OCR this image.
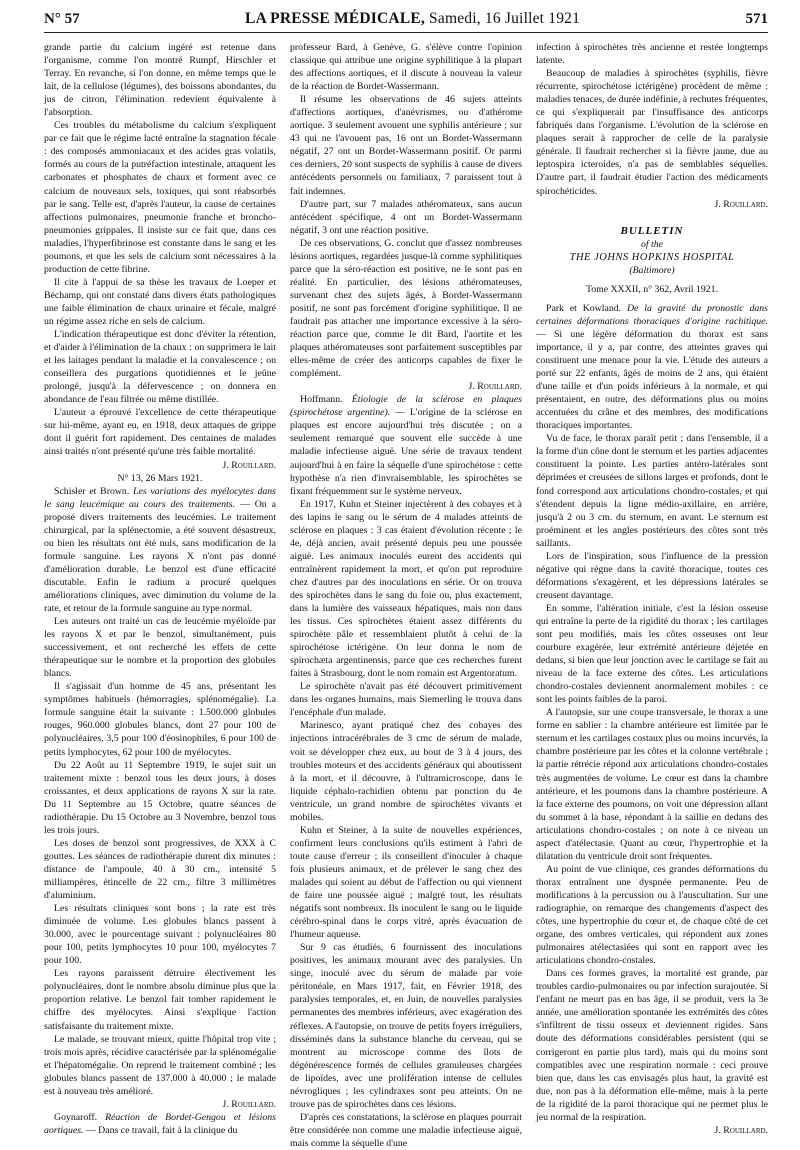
N° 57	LA PRESSE MÉDICALE, Samedi, 16 Juillet 1921	571

grande partie du calcium ingéré est retenue dans l'organisme, comme l'on montré Rumpf, Hirschler et Terray. En revanche, si l'on donne, en même temps que le lait, de la cellulose (légumes), des boissons abondantes, du jus de citron, l'élimination redevient équivalente à l'absorption.

Ces troubles du métabolisme du calcium s'expliquent par ce fait que le régime lacté entraîne la stagnation fécale : des composés ammoniacaux et des acides gras volatils, formés au cours de la putréfaction intestinale, attaquent les carbonates et phosphates de chaux et forment avec ce calcium de nouveaux sels, toxiques, qui sont réabsorbés par le sang. Telle est, d'après l'auteur, la cause de certaines affections pulmonaires, pneumonie franche et broncho-pneumonies grippales. Il insiste sur ce fait que, dans ces maladies, l'hyperfibrinose est constante dans le sang et les poumons, et que les sels de calcium sont nécessaires à la production de cette fibrine.

Il cite à l'appui de sa thèse les travaux de Loeper et Béchamp, qui ont constaté dans divers états pathologiques une faible élimination de chaux urinaire et fécale, malgré un régime assez riche en sels de calcium.

L'indication thérapeutique est donc d'éviter la rétention, et d'aider à l'élimination de la chaux : on supprimera le lait et les laitages pendant la maladie et la convalescence ; on conseillera des purgations quotidiennes et le jeûne prolongé, jusqu'à la défervescence ; on donnera en abondance de l'eau filtrée ou même distillée.

L'auteur a éprouvé l'excellence de cette thérapeutique sur lui-même, ayant eu, en 1918, deux attaques de grippe dont il guérit fort rapidement. Des centaines de malades ainsi traités n'ont présenté qu'une très faible mortalité.

J. Rouillard.

N° 13, 26 Mars 1921.

Schisler et Brown. Les variations des myélocytes dans le sang leucémique au cours des traitements. — On a proposé divers traitements des leucémies. Le traitement chirurgical, par la splénectomie, a été souvent désastreux, ou bien les résultats ont été nuls, sans modification de la formule sanguine. Les rayons X n'ont pas donné d'amélioration durable. Le benzol est d'une efficacité discutable. Enfin le radium a procuré quelques améliorations cliniques, avec diminution du volume de la rate, et retour de la formule sanguine au type normal.

Les auteurs ont traité un cas de leucémie myéloïde par les rayons X et par le benzol, simultanément, puis successivement, et ont recherché les effets de cette thérapeutique sur le nombre et la proportion des globules blancs.

Il s'agissait d'un homme de 45 ans, présentant les symptômes habituels (hémorragies, splénomégalie). La formule sanguine était la suivante : 1.500.000 globules rouges, 960.000 globules blancs, dont 27 pour 100 de polynucléaires, 3,5 pour 100 d'éosinophiles, 6 pour 100 de petits lymphocytes, 62 pour 100 de myélocytes.

Du 22 Août au 11 Septembre 1919, le sujet suit un traitement mixte : benzol tous les deux jours, à doses croissantes, et deux applications de rayons X sur la rate. Du 11 Septembre au 15 Octobre, quatre séances de radiothérapie. Du 15 Octobre au 3 Novembre, benzol tous les trois jours.

Les doses de benzol sont progressives, de XXX à C gouttes. Les séances de radiothérapie durent dix minutes : distance de l'ampoule, 40 à 30 cm., intensité 5 milliampères, étincelle de 22 cm., filtre 3 millimètres d'aluminium.

Les résultats cliniques sont bons ; la rate est très diminuée de volume. Les globules blancs passent à 30.000, avec le pourcentage suivant : polynucléaires 80 pour 100, petits lymphocytes 10 pour 100, myélocytes 7 pour 100.

Les rayons paraissent détruire électivement les polynucléaires, dont le nombre absolu diminue plus que la proportion relative. Le benzol fait tomber rapidement le chiffre des myélocytes. Ainsi s'explique l'action satisfaisante du traitement mixte.

Le malade, se trouvant mieux, quitte l'hôpital trop vite ; trois mois après, récidive caractérisée par la splénomégalie et l'hépatomégalie. On reprend le traitement combiné ; les globules blancs passent de 137.000 à 40.000 ; le malade est à nouveau très amélioré.

J. Rouillard.

Goynaroff. Réaction de Bordet-Gengou et lésions aortiques. — Dans ce travail, fait à la clinique du

professeur Bard, à Genève, G. s'élève contre l'opinion classique qui attribue une origine syphilitique à la plupart des affections aortiques, et il discute à nouveau la valeur de la réaction de Bordet-Wassermann.

Il résume les observations de 46 sujets atteints d'affections aortiques, d'anévrismes, ou d'athérome aortique. 3 seulement avouent une syphilis antérieure ; sur 43 qui ne l'avouent pas, 16 ont un Bordet-Wassermann négatif, 27 ont un Bordet-Wassermann positif. Or parmi ces derniers, 20 sont suspects de syphilis à cause de divers antécédents personnels ou familiaux, 7 paraissent tout à fait indemnes.

D'autre part, sur 7 malades athéromateux, sans aucun antécédent spécifique, 4 ont un Bordet-Wassermann négatif, 3 ont une réaction positive.

De ces observations, G. conclut que d'assez nombreuses lésions aortiques, regardées jusque-là comme syphilitiques parce que la séro-réaction est positive, ne le sont pas en réalité. En particulier, des lésions athéromateuses, survenant chez des sujets âgés, à Bordet-Wassermann positif, ne sont pas forcément d'origine syphilitique. Il ne faudrait pas attacher une importance excessive à la séro-réaction parce que, comme le dit Bard, l'aortite et les plaques athéromateuses sont parfaitement susceptibles par elles-même de créer des anticorps capables de fixer le complément.

J. Rouillard.

Hoffmann. Étiologie de la sclérose en plaques (spirochétose argentine). — L'origine de la sclérose en plaques est encore aujourd'hui très discutée ; on a seulement remarqué que souvent elle succède à une maladie infectieuse aiguë. Une série de travaux tendent aujourd'hui à en faire la séquelle d'une spirochétose : cette hypothèse n'a rien d'invraisemblable, les spirochètes se fixant fréquemment sur le système nerveux.

En 1917, Kuhn et Steiner injectèrent à des cobayes et à des lapins le sang ou le sérum de 4 malades atteints de sclérose en plaques : 3 cas étaient d'évolution récente ; le 4e, déjà ancien, avait présenté depuis peu une poussée aiguë. Les animaux inoculés eurent des accidents qui entraînèrent rapidement la mort, et qu'on put reproduire chez d'autres par des inoculations en série. Or on trouva des spirochètes dans le sang du foie ou, plus exactement, dans la lumière des vaisseaux hépatiques, mais non dans les tissus. Ces spirochètes étaient assez différents du spirochète pâle et ressemblaient plutôt à celui de la spirochétose ictérigène. On leur donna le nom de spirochæta argentinensis, parce que ces recherches furent faites à Strasbourg, dont le nom romain est Argentoratum.

Le spirochète n'avait pas été découvert primitivement dans les organes humains, mais Siemerling le trouva dans l'encéphale d'un malade.

Marinesco, ayant pratiqué chez des cobayes des injections intracérébrales de 3 cmc de sérum de malade, voit se développer chez eux, au bout de 3 à 4 jours, des troubles moteurs et des accidents généraux qui aboutissent à la mort, et il découvre, à l'ultramicroscope, dans le liquide céphalo-rachidien obtenu par ponction du 4e ventricule, un grand nombre de spirochètes vivants et mobiles.

Kuhn et Steiner, à la suite de nouvelles expériences, confirment leurs conclusions qu'ils estiment à l'abri de toute cause d'erreur ; ils conseillent d'inoculer à chaque fois plusieurs animaux, et de prélever le sang chez des malades qui soient au début de l'affection ou qui viennent de faire une poussée aiguë ; malgré tout, les résultats négatifs sont nombreux. Ils inoculent le sang ou le liquide cérébro-spinal dans le corps vitré, après évacuation de l'humeur aqueuse.

Sur 9 cas étudiés, 6 fournissent des inoculations positives, les animaux mourant avec des paralysies. Un singe, inoculé avec du sérum de malade par voie péritonéale, en Mars 1917, fait, en Février 1918, des paralysies temporales, et, en Juin, de nouvelles paralysies permanentes des membres inférieurs, avec exagération des réflexes. A l'autopsie, on trouve de petits foyers irréguliers, disséminés dans la substance blanche du cerveau, qui se montrent au microscope comme des îlots de dégénérescence formés de cellules granuleuses chargées de lipoïdes, avec une prolifération intense de cellules névrogliques ; les cylindraxes sont peu atteints. On ne trouve pas de spirochètes dans ces lésions.

D'après ces constatations, la sclérose en plaques pourrait être considérée non comme une maladie infectieuse aiguë, mais comme la séquelle d'une

infection à spirochètes très ancienne et restée longtemps latente.

Beaucoup de maladies à spirochètes (syphilis, fièvre récurrente, spirochétose ictérigène) procèdent de même : maladies tenaces, de durée indéfinie, à rechutes fréquentes, ce qui s'expliquerait par l'insuffisance des anticorps fabriqués dans l'organisme. L'évolution de la sclérose en plaques serait à rapprocher de celle de la paralysie générale. Il faudrait rechercher si la fièvre jaune, due au leptospira icteroides, n'a pas de semblables séquelles. D'autre part, il faudrait étudier l'action des médicaments spirochéticides.

J. Rouillard.

BULLETIN
of the
THE JOHNS HOPKINS HOSPITAL
(Baltimore)
Tome XXXII, n° 362, Avril 1921.

Park et Kowland. De la gravité du pronostic dans certaines déformations thoraciques d'origine rachitique. — Si une légère déformation du thorax est sans importance, il y a, par contre, des atteintes graves qui constituent une menace pour la vie. L'étude des auteurs a porté sur 22 enfants, âgés de moins de 2 ans, qui étaient d'une taille et d'un poids inférieurs à la normale, et qui présentaient, en outre, des déformations plus ou moins accentuées du crâne et des membres, des modifications thoraciques importantes.

Vu de face, le thorax paraît petit ; dans l'ensemble, il a la forme d'un cône dont le sternum et les parties adjacentes constituent la pointe. Les parties antéro-latérales sont déprimées et creusées de sillons larges et profonds, dont le fond correspond aux articulations chondro-costales, et qui s'étendent depuis la ligne médio-axillaire, en arrière, jusqu'à 2 ou 3 cm. du sternum, en avant. Le sternum est proéminent et les angles postérieurs des côtes sont très saillants.

Lors de l'inspiration, sous l'influence de la pression négative qui règne dans la cavité thoracique, toutes ces déformations s'exagèrent, et les dépressions latérales se creusent davantage.

En somme, l'altération initiale, c'est la lésion osseuse qui entraîne la perte de la rigidité du thorax ; les cartilages sont peu modifiés, mais les côtes osseuses ont leur courbure exagérée, leur extrémité antérieure déjetée en dedans, si bien que leur jonction avec le cartilage se fait au niveau de la face externe des côtes. Les articulations chondro-costales deviennent anormalement mobiles : ce sont les points faibles de la paroi.

A l'autopsie, sur une coupe transversale, le thorax a une forme en sablier : la chambre antérieure est limitée par le sternum et les cartilages costaux plus ou moins incurvés, la chambre postérieure par les côtes et la colonne vertébrale ; la partie rétrécie répond aux articulations chondro-costales très augmentées de volume. Le cœur est dans la chambre antérieure, et les poumons dans la chambre postérieure. A la face externe des poumons, on voit une dépression allant du sommet à la base, répondant à la saillie en dedans des articulations chondro-costales ; on note à ce niveau un aspect d'atélectasie. Quant au cœur, l'hypertrophie et la dilatation du ventricule droit sont fréquentes.

Au point de vue clinique, ces grandes déformations du thorax entraînent une dyspnée permanente. Peu de modifications à la percussion ou à l'auscultation. Sur une radiographie, on remarque des changements d'aspect des côtes, une hypertrophie du cœur et, de chaque côté de cet organe, des ombres verticales, qui répondent aux zones pulmonaires atélectasiées qui sont en rapport avec les articulations chondro-costales.

Dans ces formes graves, la mortalité est grande, par troubles cardio-pulmonaires ou par infection surajoutée. Si l'enfant ne meurt pas en bas âge, il se produit, vers la 3e année, une amélioration spontanée les extrémités des côtes s'infiltrent de tissu osseux et deviennent rigides. Sans doute des déformations considérables persistent (qui se corrigeront en partie plus tard), mais qui du moins sont compatibles avec une respiration normale : ceci prouve bien que, dans les cas envisagés plus haut, la gravité est due, non pas à la déformation elle-même, mais à la perte de la rigidité de la paroi thoracique qui ne permet plus le jeu normal de la respiration.

J. Rouillard.
